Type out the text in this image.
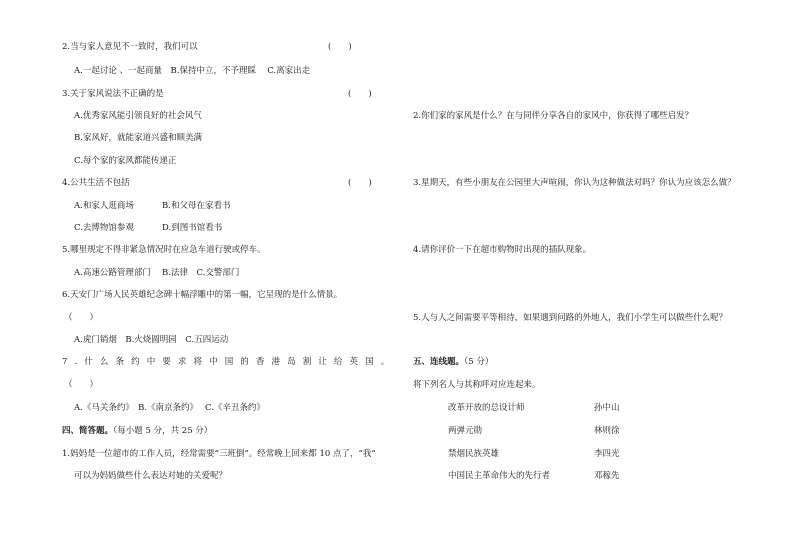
2.当与家人意见不一致时，我们可以	(　　)
A.一起讨论 、一起商量　B.保持中立，不予理睬　 C.离家出走
3.关于家风说法不正确的是	(　　)
A.优秀家风能引领良好的社会风气
B.家风好，就能家道兴盛和顺美满
C.每个家的家风都能传递正
4.公共生活不包括	(　　)
A.和家人逛商场	B.和父母在家看书
C.去博物馆参观	D.到图书馆看书
5.哪里规定不得非紧急情况时在应急车道行驶或停车。
A.高速公路管理部门　 B.法律　C.交警部门
6.天安门广场人民英雄纪念碑十幅浮雕中的第一幅，它呈现的是什么情景。
（　　）
A.虎门销烟　B.火烧圆明园　C.五四运动
7.什么条约中要求将中国的香港岛割让给英国。
（　　）
A.《马关条约》　B.《南京条约》　 C.《辛丑条约》
四、简答题。（每小题 5 分，共 25 分）
1.妈妈是一位超市的工作人员，经常需要“三班倒”。经常晚上回来都 10 点了，“我”
可以为妈妈做些什么表达对她的关爱呢？
2.你们家的家风是什么？在与同伴分享各自的家风中，你获得了哪些启发？
3.星期天，有些小朋友在公园里大声喧闹，你认为这种做法对吗？你认为应该怎么做？
4.请你评价一下在超市购物时出现的插队现象。
5.人与人之间需要平等相待，如果遇到问路的外地人，我们小学生可以做些什么呢？
五、连线题。（5 分）
将下列名人与其称呼对应连起来。
改革开放的总设计师	孙中山
两弹元勋	林则徐
禁烟民族英雄	李四光
中国民主革命伟大的先行者	邓稼先
